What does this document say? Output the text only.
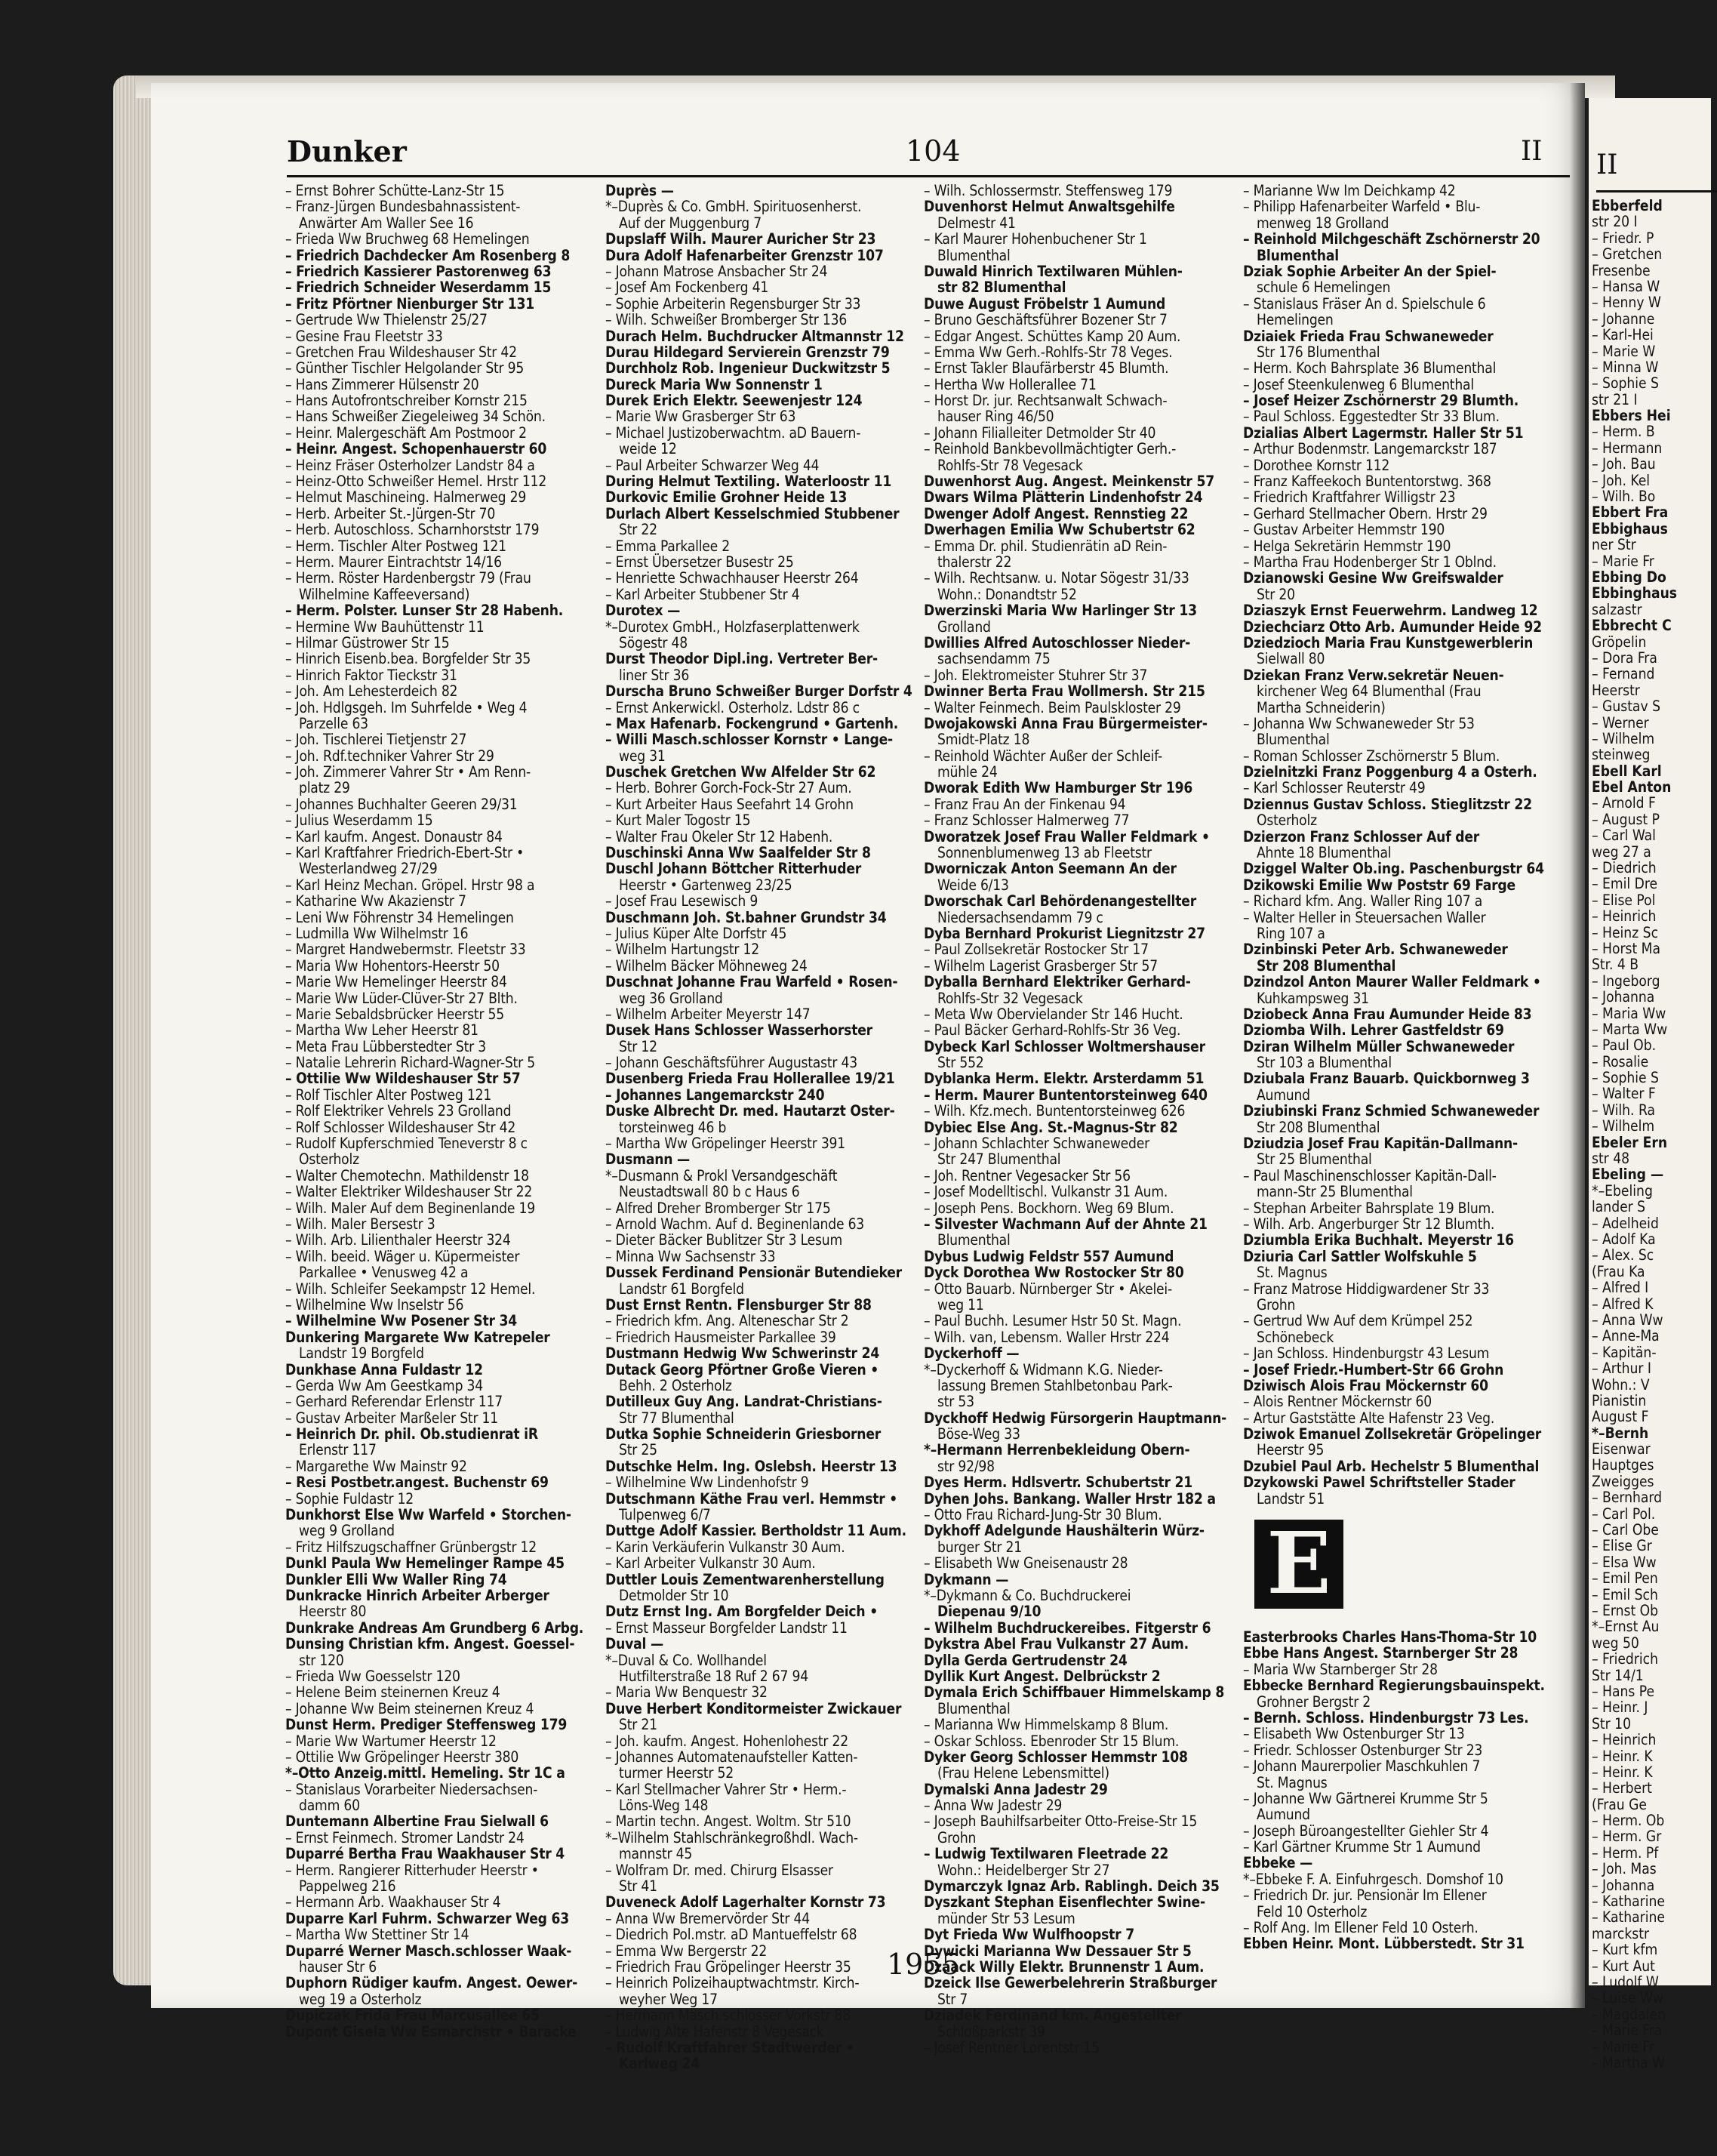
Dunker	104	II
– Ernst Bohrer Schütte-Lanz-Str 15
– Franz-Jürgen Bundesbahnassistent-
Anwärter Am Waller See 16
– Frieda Ww Bruchweg 68 Hemelingen
– Friedrich Dachdecker Am Rosenberg 8
– Friedrich Kassierer Pastorenweg 63
– Friedrich Schneider Weserdamm 15
– Fritz Pförtner Nienburger Str 131
– Gertrude Ww Thielenstr 25/27
– Gesine Frau Fleetstr 33
– Gretchen Frau Wildeshauser Str 42
– Günther Tischler Helgolander Str 95
– Hans Zimmerer Hülsenstr 20
– Hans Autofrontschreiber Kornstr 215
– Hans Schweißer Ziegeleiweg 34 Schön.
– Heinr. Malergeschäft Am Postmoor 2
– Heinr. Angest. Schopenhauerstr 60
– Heinz Fräser Osterholzer Landstr 84 a
– Heinz-Otto Schweißer Hemel. Hrstr 112
– Helmut Maschineing. Halmerweg 29
– Herb. Arbeiter St.-Jürgen-Str 70
– Herb. Autoschloss. Scharnhorststr 179
– Herm. Tischler Alter Postweg 121
– Herm. Maurer Eintrachtstr 14/16
– Herm. Röster Hardenbergstr 79 (Frau
Wilhelmine Kaffeeversand)
– Herm. Polster. Lunser Str 28 Habenh.
– Hermine Ww Bauhüttenstr 11
– Hilmar Güstrower Str 15
– Hinrich Eisenb.bea. Borgfelder Str 35
– Hinrich Faktor Tieckstr 31
– Joh. Am Lehesterdeich 82
– Joh. Hdlgsgeh. Im Suhrfelde • Weg 4
Parzelle 63
– Joh. Tischlerei Tietjenstr 27
– Joh. Rdf.techniker Vahrer Str 29
– Joh. Zimmerer Vahrer Str • Am Renn-
platz 29
– Johannes Buchhalter Geeren 29/31
– Julius Weserdamm 15
– Karl kaufm. Angest. Donaustr 84
– Karl Kraftfahrer Friedrich-Ebert-Str •
Westerlandweg 27/29
– Karl Heinz Mechan. Gröpel. Hrstr 98 a
– Katharine Ww Akazienstr 7
– Leni Ww Föhrenstr 34 Hemelingen
– Ludmilla Ww Wilhelmstr 16
– Margret Handwebermstr. Fleetstr 33
– Maria Ww Hohentors-Heerstr 50
– Marie Ww Hemelinger Heerstr 84
– Marie Ww Lüder-Clüver-Str 27 Blth.
– Marie Sebaldsbrücker Heerstr 55
– Martha Ww Leher Heerstr 81
– Meta Frau Lübberstedter Str 3
– Natalie Lehrerin Richard-Wagner-Str 5
– Ottilie Ww Wildeshauser Str 57
– Rolf Tischler Alter Postweg 121
– Rolf Elektriker Vehrels 23 Grolland
– Rolf Schlosser Wildeshauser Str 42
– Rudolf Kupferschmied Teneverstr 8 c
Osterholz
– Walter Chemotechn. Mathildenstr 18
– Walter Elektriker Wildeshauser Str 22
– Wilh. Maler Auf dem Beginenlande 19
– Wilh. Maler Bersestr 3
– Wilh. Arb. Lilienthaler Heerstr 324
– Wilh. beeid. Wäger u. Küpermeister
Parkallee • Venusweg 42 a
– Wilh. Schleifer Seekampstr 12 Hemel.
– Wilhelmine Ww Inselstr 56
– Wilhelmine Ww Posener Str 34
Dunkering Margarete Ww Katrepeler
Landstr 19 Borgfeld
Dunkhase Anna Fuldastr 12
– Gerda Ww Am Geestkamp 34
– Gerhard Referendar Erlenstr 117
– Gustav Arbeiter Marßeler Str 11
– Heinrich Dr. phil. Ob.studienrat iR
Erlenstr 117
– Margarethe Ww Mainstr 92
– Resi Postbetr.angest. Buchenstr 69
– Sophie Fuldastr 12
Dunkhorst Else Ww Warfeld • Storchen-
weg 9 Grolland
– Fritz Hilfszugschaffner Grünbergstr 12
Dunkl Paula Ww Hemelinger Rampe 45
Dunkler Elli Ww Waller Ring 74
Dunkracke Hinrich Arbeiter Arberger
Heerstr 80
Dunkrake Andreas Am Grundberg 6 Arbg.
Dunsing Christian kfm. Angest. Goessel-
str 120
– Frieda Ww Goesselstr 120
– Helene Beim steinernen Kreuz 4
– Johanne Ww Beim steinernen Kreuz 4
Dunst Herm. Prediger Steffensweg 179
– Marie Ww Wartumer Heerstr 12
– Ottilie Ww Gröpelinger Heerstr 380
*–Otto Anzeig.mittl. Hemeling. Str 1C a
– Stanislaus Vorarbeiter Niedersachsen-
damm 60
Duntemann Albertine Frau Sielwall 6
– Ernst Feinmech. Stromer Landstr 24
Duparré Bertha Frau Waakhauser Str 4
– Herm. Rangierer Ritterhuder Heerstr •
Pappelweg 216
– Hermann Arb. Waakhauser Str 4
Duparre Karl Fuhrm. Schwarzer Weg 63
– Martha Ww Stettiner Str 14
Duparré Werner Masch.schlosser Waak-
hauser Str 6
Duphorn Rüdiger kaufm. Angest. Oewer-
weg 19 a Osterholz
Dupiczak Frida Frau Marcusallee 65
Dupont Gisela Ww Esmarchstr • Baracke
Duprès —
*–Duprès & Co. GmbH. Spirituosenherst.
Auf der Muggenburg 7
Dupslaff Wilh. Maurer Auricher Str 23
Dura Adolf Hafenarbeiter Grenzstr 107
– Johann Matrose Ansbacher Str 24
– Josef Am Fockenberg 41
– Sophie Arbeiterin Regensburger Str 33
– Wilh. Schweißer Bromberger Str 136
Durach Helm. Buchdrucker Altmannstr 12
Durau Hildegard Servierein Grenzstr 79
Durchholz Rob. Ingenieur Duckwitzstr 5
Dureck Maria Ww Sonnenstr 1
Durek Erich Elektr. Seewenjestr 124
– Marie Ww Grasberger Str 63
– Michael Justizoberwachtm. aD Bauern-
weide 12
– Paul Arbeiter Schwarzer Weg 44
During Helmut Textiling. Waterloostr 11
Durkovic Emilie Grohner Heide 13
Durlach Albert Kesselschmied Stubbener
Str 22
– Emma Parkallee 2
– Ernst Übersetzer Busestr 25
– Henriette Schwachhauser Heerstr 264
– Karl Arbeiter Stubbener Str 4
Durotex —
*–Durotex GmbH., Holzfaserplattenwerk
Sögestr 48
Durst Theodor Dipl.ing. Vertreter Ber-
liner Str 36
Durscha Bruno Schweißer Burger Dorfstr 4
– Ernst Ankerwickl. Osterholz. Ldstr 86 c
– Max Hafenarb. Fockengrund • Gartenh.
– Willi Masch.schlosser Kornstr • Lange-
weg 31
Duschek Gretchen Ww Alfelder Str 62
– Herb. Bohrer Gorch-Fock-Str 27 Aum.
– Kurt Arbeiter Haus Seefahrt 14 Grohn
– Kurt Maler Togostr 15
– Walter Frau Okeler Str 12 Habenh.
Duschinski Anna Ww Saalfelder Str 8
Duschl Johann Böttcher Ritterhuder
Heerstr • Gartenweg 23/25
– Josef Frau Lesewisch 9
Duschmann Joh. St.bahner Grundstr 34
– Julius Küper Alte Dorfstr 45
– Wilhelm Hartungstr 12
– Wilhelm Bäcker Möhneweg 24
Duschnat Johanne Frau Warfeld • Rosen-
weg 36 Grolland
– Wilhelm Arbeiter Meyerstr 147
Dusek Hans Schlosser Wasserhorster
Str 12
– Johann Geschäftsführer Augustastr 43
Dusenberg Frieda Frau Hollerallee 19/21
– Johannes Langemarckstr 240
Duske Albrecht Dr. med. Hautarzt Oster-
torsteinweg 46 b
– Martha Ww Gröpelinger Heerstr 391
Dusmann —
*–Dusmann & Prokl Versandgeschäft
Neustadtswall 80 b c Haus 6
– Alfred Dreher Bromberger Str 175
– Arnold Wachm. Auf d. Beginenlande 63
– Dieter Bäcker Bublitzer Str 3 Lesum
– Minna Ww Sachsenstr 33
Dussek Ferdinand Pensionär Butendieker
Landstr 61 Borgfeld
Dust Ernst Rentn. Flensburger Str 88
– Friedrich kfm. Ang. Alteneschar Str 2
– Friedrich Hausmeister Parkallee 39
Dustmann Hedwig Ww Schwerinstr 24
Dutack Georg Pförtner Große Vieren •
Behh. 2 Osterholz
Dutilleux Guy Ang. Landrat-Christians-
Str 77 Blumenthal
Dutka Sophie Schneiderin Griesborner
Str 25
Dutschke Helm. Ing. Oslebsh. Heerstr 13
– Wilhelmine Ww Lindenhofstr 9
Dutschmann Käthe Frau verl. Hemmstr •
Tulpenweg 6/7
Duttge Adolf Kassier. Bertholdstr 11 Aum.
– Karin Verkäuferin Vulkanstr 30 Aum.
– Karl Arbeiter Vulkanstr 30 Aum.
Duttler Louis Zementwarenherstellung
Detmolder Str 10
Dutz Ernst Ing. Am Borgfelder Deich •
– Ernst Masseur Borgfelder Landstr 11
Duval —
*–Duval & Co. Wollhandel
Hutfilterstraße 18 Ruf 2 67 94
– Maria Ww Benquestr 32
Duve Herbert Konditormeister Zwickauer
Str 21
– Joh. kaufm. Angest. Hohenlohestr 22
– Johannes Automatenaufsteller Katten-
turmer Heerstr 52
– Karl Stellmacher Vahrer Str • Herm.-
Löns-Weg 148
– Martin techn. Angest. Woltm. Str 510
*–Wilhelm Stahlschränkegroßhdl. Wach-
mannstr 45
– Wolfram Dr. med. Chirurg Elsasser
Str 41
Duveneck Adolf Lagerhalter Kornstr 73
– Anna Ww Bremervörder Str 44
– Diedrich Pol.mstr. aD Mantueffelstr 68
– Emma Ww Bergerstr 22
– Friedrich Frau Gröpelinger Heerstr 35
– Heinrich Polizeihauptwachtmstr. Kirch-
weyher Weg 17
– Hermann Masch.schlosser Vorkstr 88
– Ludwig Alte Hafenstr 8 Vegesack
– Rudolf Kraftfahrer Stadtwerder •
Karlweg 24
– Wilh. Schlossermstr. Steffensweg 179
Duvenhorst Helmut Anwaltsgehilfe
Delmestr 41
– Karl Maurer Hohenbuchener Str 1
Blumenthal
Duwald Hinrich Textilwaren Mühlen-
str 82 Blumenthal
Duwe August Fröbelstr 1 Aumund
– Bruno Geschäftsführer Bozener Str 7
– Edgar Angest. Schüttes Kamp 20 Aum.
– Emma Ww Gerh.-Rohlfs-Str 78 Veges.
– Ernst Takler Blaufärberstr 45 Blumth.
– Hertha Ww Hollerallee 71
– Horst Dr. jur. Rechtsanwalt Schwach-
hauser Ring 46/50
– Johann Filialleiter Detmolder Str 40
– Reinhold Bankbevollmächtigter Gerh.-
Rohlfs-Str 78 Vegesack
Duwenhorst Aug. Angest. Meinkenstr 57
Dwars Wilma Plätterin Lindenhofstr 24
Dwenger Adolf Angest. Rennstieg 22
Dwerhagen Emilia Ww Schubertstr 62
– Emma Dr. phil. Studienrätin aD Rein-
thalerstr 22
– Wilh. Rechtsanw. u. Notar Sögestr 31/33
Wohn.: Donandtstr 52
Dwerzinski Maria Ww Harlinger Str 13
Grolland
Dwillies Alfred Autoschlosser Nieder-
sachsendamm 75
– Joh. Elektromeister Stuhrer Str 37
Dwinner Berta Frau Wollmersh. Str 215
– Walter Feinmech. Beim Paulskloster 29
Dwojakowski Anna Frau Bürgermeister-
Smidt-Platz 18
– Reinhold Wächter Außer der Schleif-
mühle 24
Dworak Edith Ww Hamburger Str 196
– Franz Frau An der Finkenau 94
– Franz Schlosser Halmerweg 77
Dworatzek Josef Frau Waller Feldmark •
Sonnenblumenweg 13 ab Fleetstr
Dworniczak Anton Seemann An der
Weide 6/13
Dworschak Carl Behördenangestellter
Niedersachsendamm 79 c
Dyba Bernhard Prokurist Liegnitzstr 27
– Paul Zollsekretär Rostocker Str 17
– Wilhelm Lagerist Grasberger Str 57
Dyballa Bernhard Elektriker Gerhard-
Rohlfs-Str 32 Vegesack
– Meta Ww Obervielander Str 146 Hucht.
– Paul Bäcker Gerhard-Rohlfs-Str 36 Veg.
Dybeck Karl Schlosser Woltmershauser
Str 552
Dyblanka Herm. Elektr. Arsterdamm 51
– Herm. Maurer Buntentorsteinweg 640
– Wilh. Kfz.mech. Buntentorsteinweg 626
Dybiec Else Ang. St.-Magnus-Str 82
– Johann Schlachter Schwaneweder
Str 247 Blumenthal
– Joh. Rentner Vegesacker Str 56
– Josef Modelltischl. Vulkanstr 31 Aum.
– Joseph Pens. Bockhorn. Weg 69 Blum.
– Silvester Wachmann Auf der Ahnte 21
Blumenthal
Dybus Ludwig Feldstr 557 Aumund
Dyck Dorothea Ww Rostocker Str 80
– Otto Bauarb. Nürnberger Str • Akelei-
weg 11
– Paul Buchh. Lesumer Hstr 50 St. Magn.
– Wilh. van, Lebensm. Waller Hrstr 224
Dyckerhoff —
*–Dyckerhoff & Widmann K.G. Nieder-
lassung Bremen Stahlbetonbau Park-
str 53
Dyckhoff Hedwig Fürsorgerin Hauptmann-
Böse-Weg 33
*–Hermann Herrenbekleidung Obern-
str 92/98
Dyes Herm. Hdlsvertr. Schubertstr 21
Dyhen Johs. Bankang. Waller Hrstr 182 a
– Otto Frau Richard-Jung-Str 30 Blum.
Dykhoff Adelgunde Haushälterin Würz-
burger Str 21
– Elisabeth Ww Gneisenaustr 28
Dykmann —
*–Dykmann & Co. Buchdruckerei
Diepenau 9/10
– Wilhelm Buchdruckereibes. Fitgerstr 6
Dykstra Abel Frau Vulkanstr 27 Aum.
Dylla Gerda Gertrudenstr 24
Dyllik Kurt Angest. Delbrückstr 2
Dymala Erich Schiffbauer Himmelskamp 8
Blumenthal
– Marianna Ww Himmelskamp 8 Blum.
– Oskar Schloss. Ebenroder Str 15 Blum.
Dyker Georg Schlosser Hemmstr 108
(Frau Helene Lebensmittel)
Dymalski Anna Jadestr 29
– Anna Ww Jadestr 29
– Joseph Bauhilfsarbeiter Otto-Freise-Str 15
Grohn
– Ludwig Textilwaren Fleetrade 22
Wohn.: Heidelberger Str 27
Dymarczyk Ignaz Arb. Rablingh. Deich 35
Dyszkant Stephan Eisenflechter Swine-
münder Str 53 Lesum
Dyt Frieda Ww Wulfhoopstr 7
Dywicki Marianna Ww Dessauer Str 5
Dzaack Willy Elektr. Brunnenstr 1 Aum.
Dzeick Ilse Gewerbelehrerin Straßburger
Str 7
Dziadek Ferdinand km. Angestellter
Schloßparkstr 39
– Josef Rentner Lorentstr 15
– Marianne Ww Im Deichkamp 42
– Philipp Hafenarbeiter Warfeld • Blu-
menweg 18 Grolland
– Reinhold Milchgeschäft Zschörnerstr 20
Blumenthal
Dziak Sophie Arbeiter An der Spiel-
schule 6 Hemelingen
– Stanislaus Fräser An d. Spielschule 6
Hemelingen
Dziaiek Frieda Frau Schwaneweder
Str 176 Blumenthal
– Herm. Koch Bahrsplate 36 Blumenthal
– Josef Steenkulenweg 6 Blumenthal
– Josef Heizer Zschörnerstr 29 Blumth.
– Paul Schloss. Eggestedter Str 33 Blum.
Dzialias Albert Lagermstr. Haller Str 51
– Arthur Bodenmstr. Langemarckstr 187
– Dorothee Kornstr 112
– Franz Kaffeekoch Buntentorstwg. 368
– Friedrich Kraftfahrer Willigstr 23
– Gerhard Stellmacher Obern. Hrstr 29
– Gustav Arbeiter Hemmstr 190
– Helga Sekretärin Hemmstr 190
– Martha Frau Hodenberger Str 1 Oblnd.
Dzianowski Gesine Ww Greifswalder
Str 20
Dziaszyk Ernst Feuerwehrm. Landweg 12
Dziechciarz Otto Arb. Aumunder Heide 92
Dziedzioch Maria Frau Kunstgewerblerin
Sielwall 80
Dziekan Franz Verw.sekretär Neuen-
kirchener Weg 64 Blumenthal (Frau
Martha Schneiderin)
– Johanna Ww Schwaneweder Str 53
Blumenthal
– Roman Schlosser Zschörnerstr 5 Blum.
Dzielnitzki Franz Poggenburg 4 a Osterh.
– Karl Schlosser Reuterstr 49
Dziennus Gustav Schloss. Stieglitzstr 22
Osterholz
Dzierzon Franz Schlosser Auf der
Ahnte 18 Blumenthal
Dziggel Walter Ob.ing. Paschenburgstr 64
Dzikowski Emilie Ww Poststr 69 Farge
– Richard kfm. Ang. Waller Ring 107 a
– Walter Heller in Steuersachen Waller
Ring 107 a
Dzinbinski Peter Arb. Schwaneweder
Str 208 Blumenthal
Dzindzol Anton Maurer Waller Feldmark •
Kuhkampsweg 31
Dziobeck Anna Frau Aumunder Heide 83
Dziomba Wilh. Lehrer Gastfeldstr 69
Dziran Wilhelm Müller Schwaneweder
Str 103 a Blumenthal
Dziubala Franz Bauarb. Quickbornweg 3
Aumund
Dziubinski Franz Schmied Schwaneweder
Str 208 Blumenthal
Dziudzia Josef Frau Kapitän-Dallmann-
Str 25 Blumenthal
– Paul Maschinenschlosser Kapitän-Dall-
mann-Str 25 Blumenthal
– Stephan Arbeiter Bahrsplate 19 Blum.
– Wilh. Arb. Angerburger Str 12 Blumth.
Dziumbla Erika Buchhalt. Meyerstr 16
Dziuria Carl Sattler Wolfskuhle 5
St. Magnus
– Franz Matrose Hiddigwardener Str 33
Grohn
– Gertrud Ww Auf dem Krümpel 252
Schönebeck
– Jan Schloss. Hindenburgstr 43 Lesum
– Josef Friedr.-Humbert-Str 66 Grohn
Dziwisch Alois Frau Möckernstr 60
– Alois Rentner Möckernstr 60
– Artur Gaststätte Alte Hafenstr 23 Veg.
Dziwok Emanuel Zollsekretär Gröpelinger
Heerstr 95
Dzubiel Paul Arb. Hechelstr 5 Blumenthal
Dzykowski Pawel Schriftsteller Stader
Landstr 51
E
Easterbrooks Charles Hans-Thoma-Str 10
Ebbe Hans Angest. Starnberger Str 28
– Maria Ww Starnberger Str 28
Ebbecke Bernhard Regierungsbauinspekt.
Grohner Bergstr 2
– Bernh. Schloss. Hindenburgstr 73 Les.
– Elisabeth Ww Ostenburger Str 13
– Friedr. Schlosser Ostenburger Str 23
– Johann Maurerpolier Maschkuhlen 7
St. Magnus
– Johanne Ww Gärtnerei Krumme Str 5
Aumund
– Joseph Büroangestellter Giehler Str 4
– Karl Gärtner Krumme Str 1 Aumund
Ebbeke —
*–Ebbeke F. A. Einfuhrgesch. Domshof 10
– Friedrich Dr. jur. Pensionär Im Ellener
Feld 10 Osterholz
– Rolf Ang. Im Ellener Feld 10 Osterh.
Ebben Heinr. Mont. Lübberstedt. Str 31
1955
II
Ebberfeld
str 20 I
– Friedr. P
– Gretchen
Fresenbe
– Hansa W
– Henny W
– Johanne
– Karl-Hei
– Marie W
– Minna W
– Sophie S
str 21 I
Ebbers Hei
– Herm. B
– Hermann
– Joh. Bau
– Joh. Kel
– Wilh. Bo
Ebbert Fra
Ebbighaus
ner Str
– Marie Fr
Ebbing Do
Ebbinghaus
salzastr
Ebbrecht C
Gröpelin
– Dora Fra
– Fernand
Heerstr
– Gustav S
– Werner
– Wilhelm
steinweg
Ebell Karl
Ebel Anton
– Arnold F
– August P
– Carl Wal
weg 27 a
– Diedrich
– Emil Dre
– Elise Pol
– Heinrich
– Heinz Sc
– Horst Ma
Str. 4 B
– Ingeborg
– Johanna
– Maria Ww
– Marta Ww
– Paul Ob.
– Rosalie
– Sophie S
– Walter F
– Wilh. Ra
– Wilhelm
Ebeler Ern
str 48
Ebeling —
*–Ebeling
lander S
– Adelheid
– Adolf Ka
– Alex. Sc
(Frau Ka
– Alfred I
– Alfred K
– Anna Ww
– Anne-Ma
– Kapitän-
– Arthur I
Wohn.: V
Pianistin
August F
*–Bernh
Eisenwar
Hauptges
Zweigges
– Bernhard
– Carl Pol.
– Carl Obe
– Elise Gr
– Elsa Ww
– Emil Pen
– Emil Sch
– Ernst Ob
*–Ernst Au
weg 50
– Friedrich
Str 14/1
– Hans Pe
– Heinr. J
Str 10
– Heinrich
– Heinr. K
– Heinr. K
– Herbert
(Frau Ge
– Herm. Ob
– Herm. Gr
– Herm. Pf
– Joh. Mas
– Johanna
– Katharine
– Katharine
marckstr
– Kurt kfm
– Kurt Aut
– Ludolf W
– Luise Ww
– Magdalen
– Marie Fra
– Marie Fr
– Martha W
